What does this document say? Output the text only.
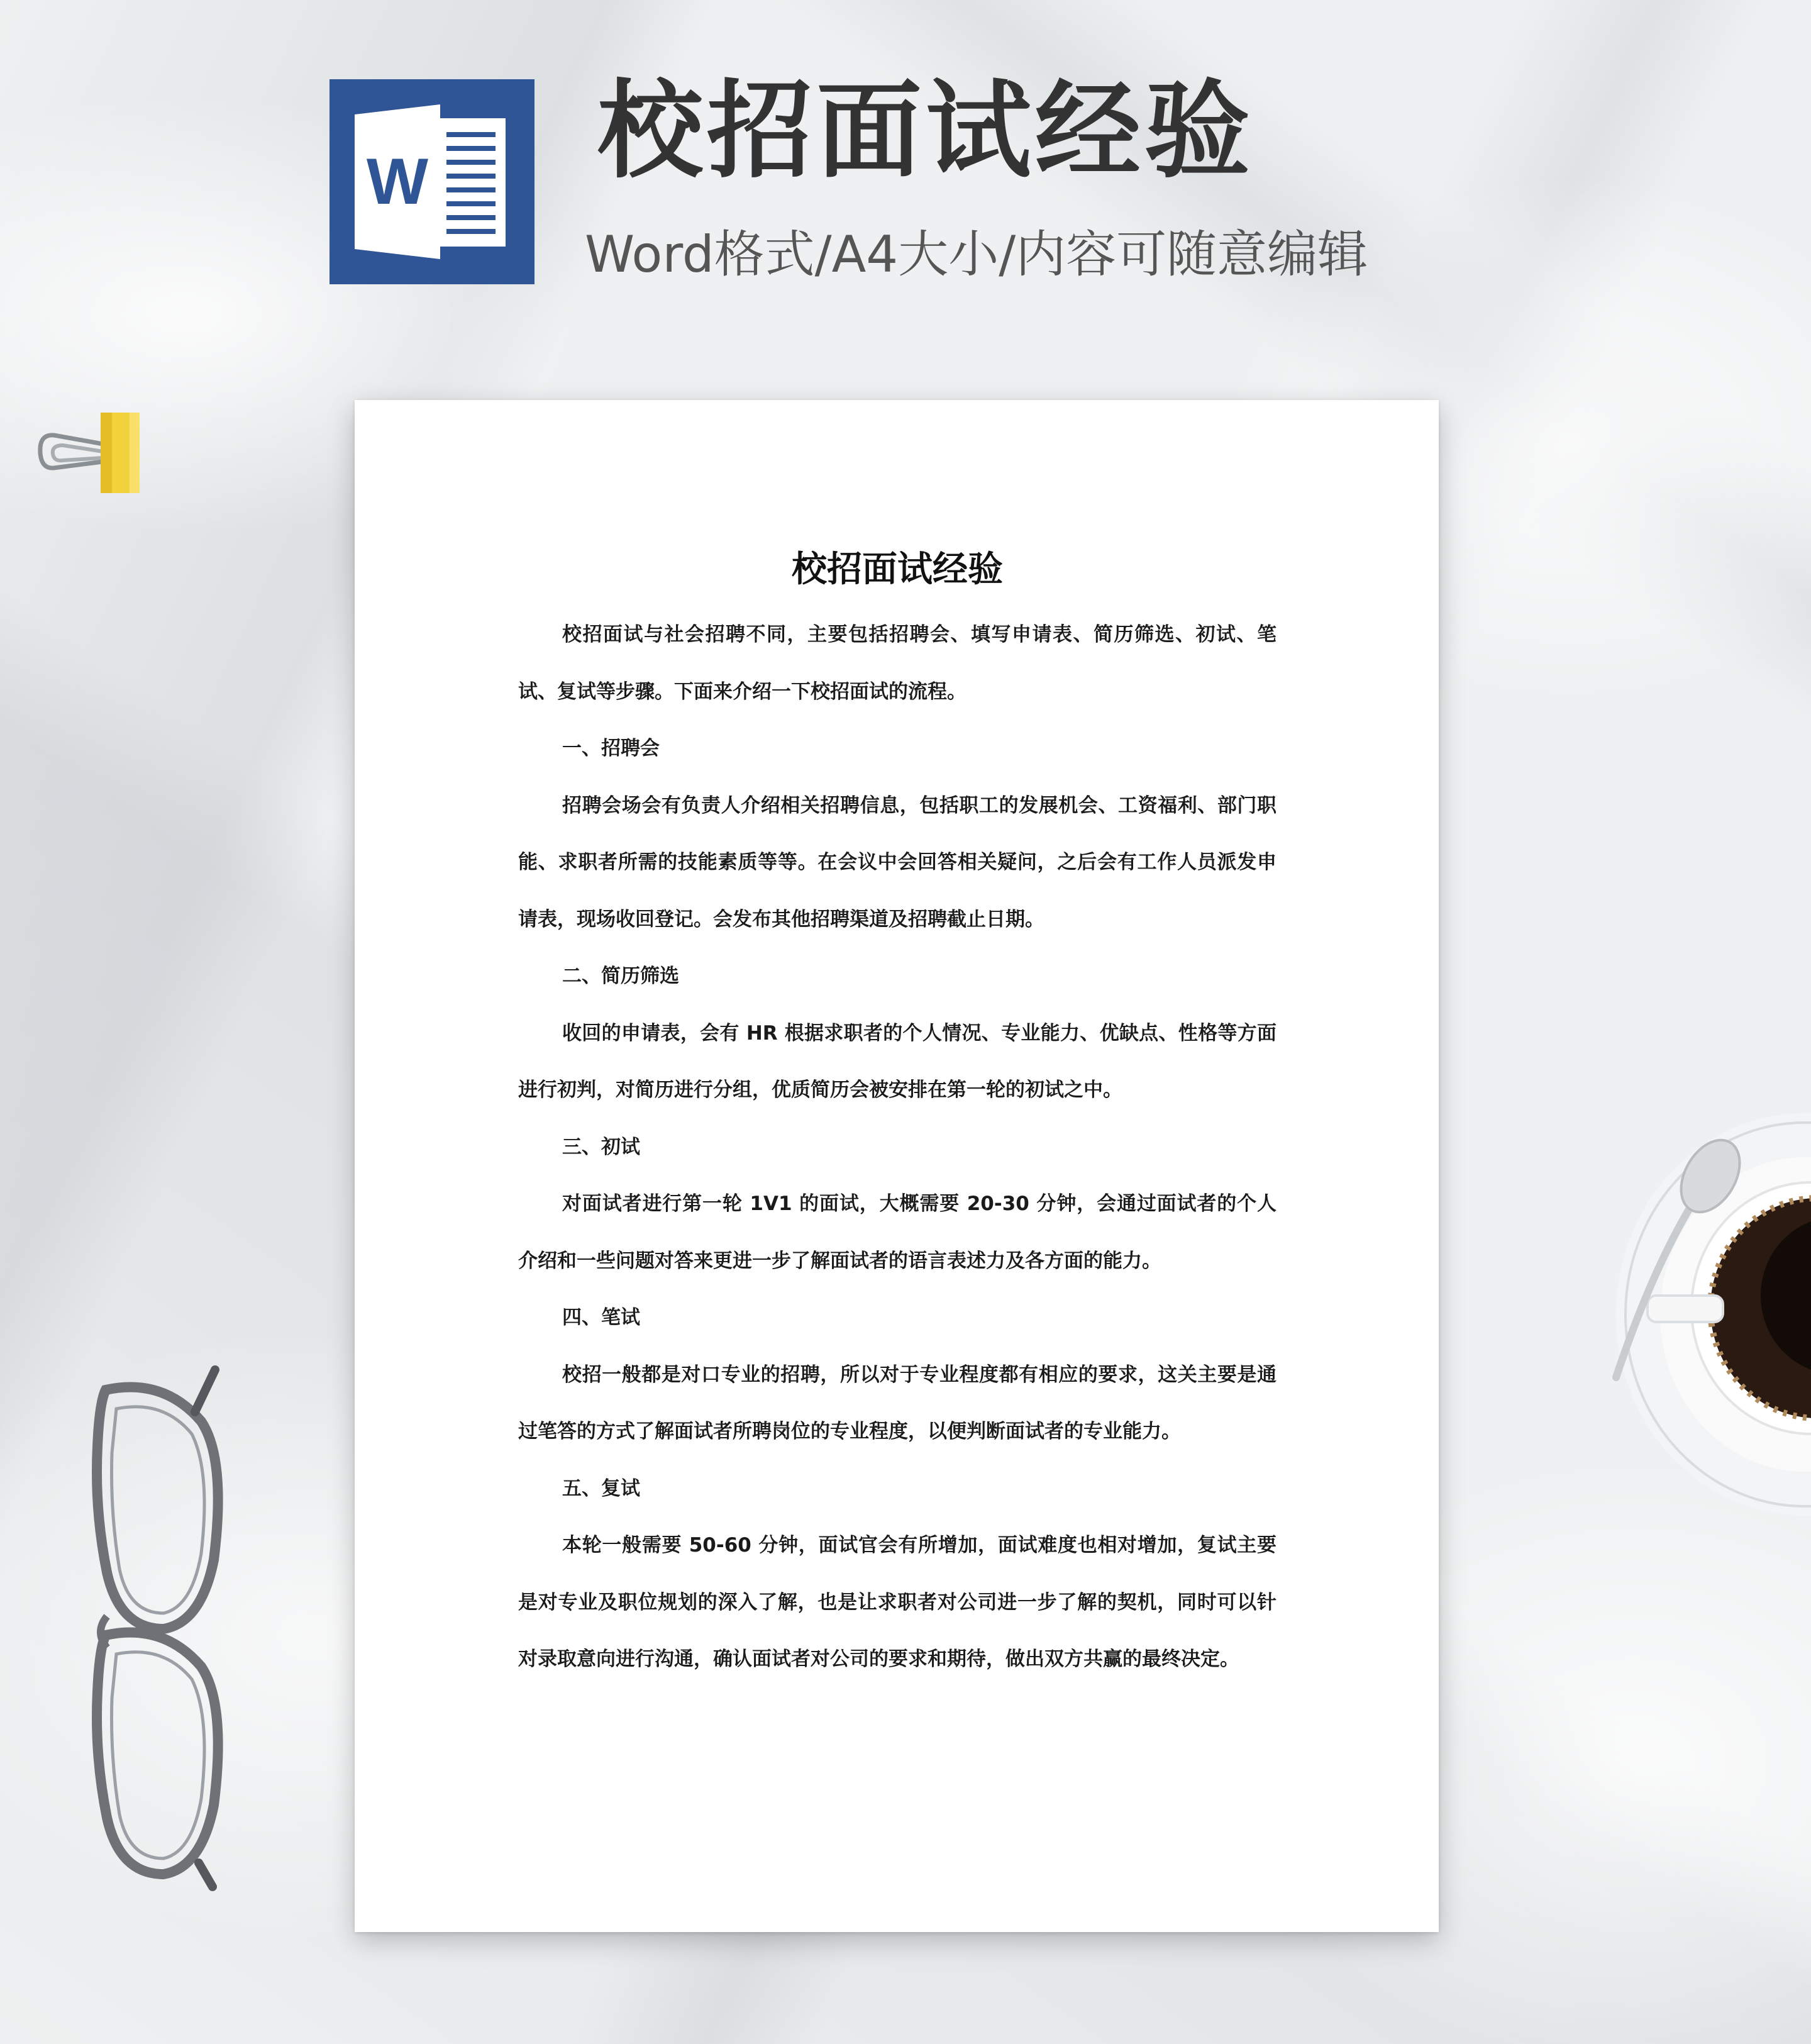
W 校招面试经验
Word格式/A4大小/内容可随意编辑
校招面试经验
校招面试与社会招聘不同，主要包括招聘会、填写申请表、简历筛选、初试、笔试、复试等步骤。下面来介绍一下校招面试的流程。
一、招聘会
招聘会场会有负责人介绍相关招聘信息，包括职工的发展机会、工资福利、部门职能、求职者所需的技能素质等等。在会议中会回答相关疑问，之后会有工作人员派发申请表，现场收回登记。会发布其他招聘渠道及招聘截止日期。
二、简历筛选
收回的申请表，会有 HR 根据求职者的个人情况、专业能力、优缺点、性格等方面进行初判，对简历进行分组，优质简历会被安排在第一轮的初试之中。
三、初试
对面试者进行第一轮 1V1 的面试，大概需要 20-30 分钟，会通过面试者的个人介绍和一些问题对答来更进一步了解面试者的语言表述力及各方面的能力。
四、笔试
校招一般都是对口专业的招聘，所以对于专业程度都有相应的要求，这关主要是通过笔答的方式了解面试者所聘岗位的专业程度，以便判断面试者的专业能力。
五、复试
本轮一般需要 50-60 分钟，面试官会有所增加，面试难度也相对增加，复试主要是对专业及职位规划的深入了解，也是让求职者对公司进一步了解的契机，同时可以针对录取意向进行沟通，确认面试者对公司的要求和期待，做出双方共赢的最终决定。
